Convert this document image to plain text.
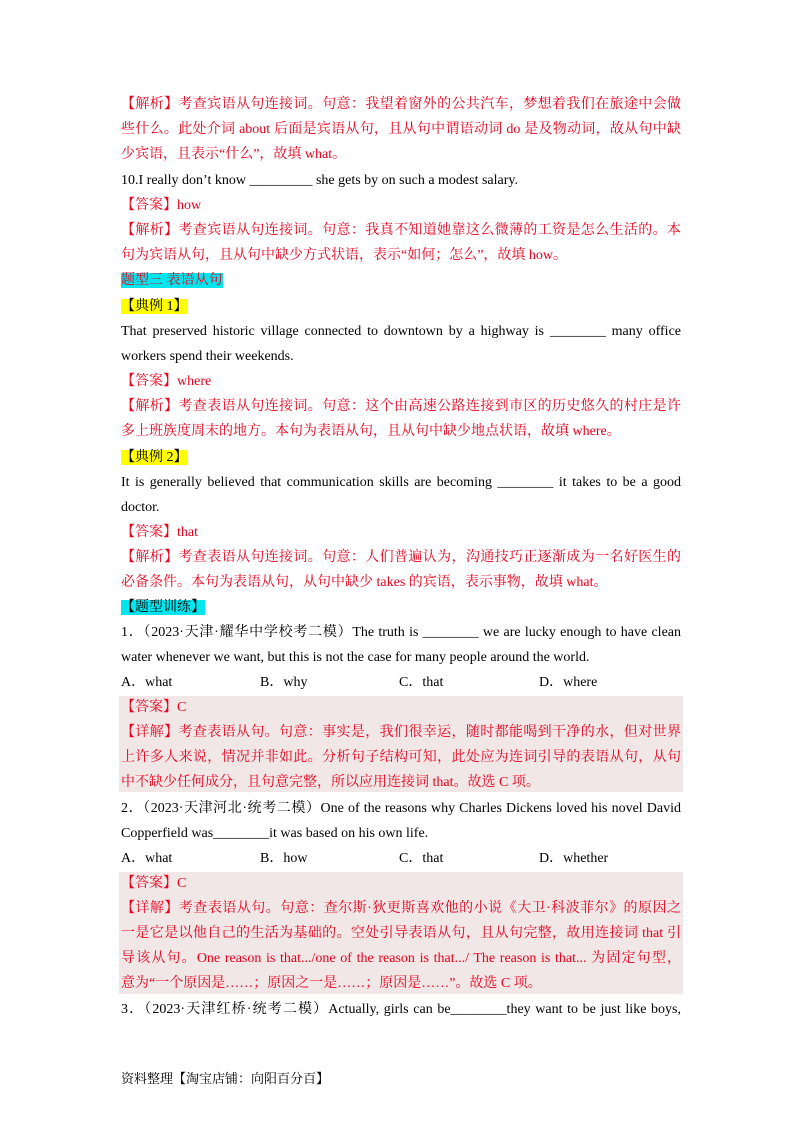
【解析】考查宾语从句连接词。句意：我望着窗外的公共汽车，梦想着我们在旅途中会做
些什么。此处介词 about 后面是宾语从句，且从句中谓语动词 do 是及物动词，故从句中缺
少宾语，且表示“什么”，故填 what。
10.I really don’t know _________ she gets by on such a modest salary.
【答案】how
【解析】考查宾语从句连接词。句意：我真不知道她靠这么微薄的工资是怎么生活的。本
句为宾语从句，且从句中缺少方式状语，表示“如何；怎么”，故填 how。
题型三 表语从句
【典例 1】
That preserved historic village connected to downtown by a highway is ________ many office
workers spend their weekends.
【答案】where
【解析】考查表语从句连接词。句意：这个由高速公路连接到市区的历史悠久的村庄是许
多上班族度周末的地方。本句为表语从句，且从句中缺少地点状语，故填 where。
【典例 2】
It is generally believed that communication skills are becoming ________ it takes to be a good
doctor.
【答案】that
【解析】考查表语从句连接词。句意：人们普遍认为，沟通技巧正逐渐成为一名好医生的
必备条件。本句为表语从句，从句中缺少 takes 的宾语，表示事物，故填 what。
【题型训练】
1．（2023·天津·耀华中学校考二模）The truth is ________ we are lucky enough to have clean
water whenever we want, but this is not the case for many people around the world.
A．what	B．why	C．that	D．where
【答案】C
【详解】考查表语从句。句意：事实是，我们很幸运，随时都能喝到干净的水，但对世界
上许多人来说，情况并非如此。分析句子结构可知，此处应为连词引导的表语从句，从句
中不缺少任何成分，且句意完整，所以应用连接词 that。故选 C 项。
2．（2023·天津河北·统考二模）One of the reasons why Charles Dickens loved his novel David
Copperfield was________it was based on his own life.
A．what	B．how	C．that	D．whether
【答案】C
【详解】考查表语从句。句意：查尔斯·狄更斯喜欢他的小说《大卫·科波菲尔》的原因之
一是它是以他自己的生活为基础的。空处引导表语从句，且从句完整，故用连接词 that 引
导该从句。One reason is that.../one of the reason is that.../ The reason is that... 为固定句型，
意为“一个原因是……；原因之一是……；原因是……”。故选 C 项。
3．（2023·天津红桥·统考二模）Actually, girls can be________they want to be just like boys,
资料整理【淘宝店铺：向阳百分百】
